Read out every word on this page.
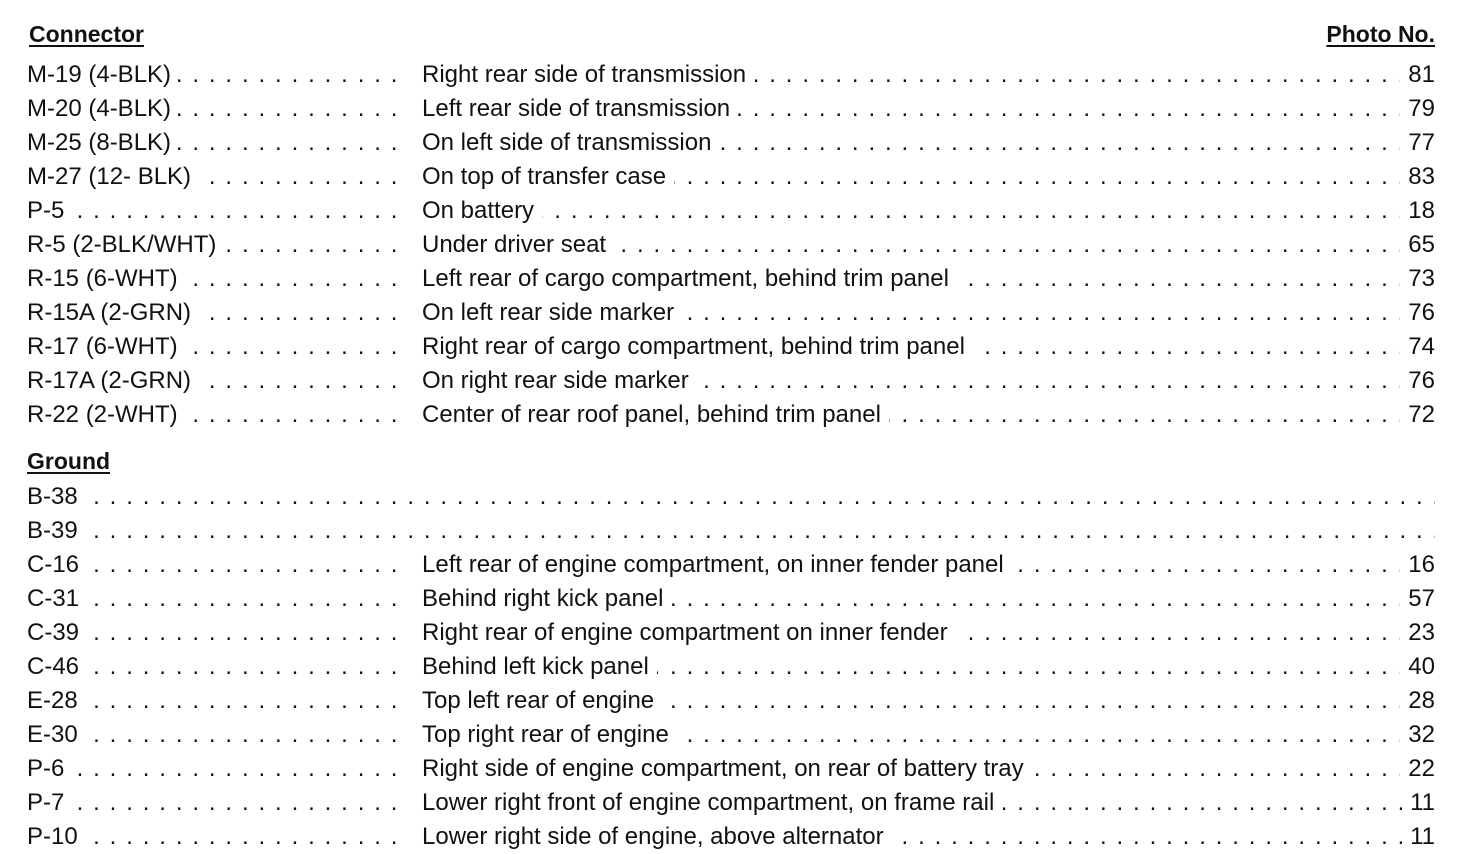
Connector	Photo No.
Ground
M-19 (4-BLK) . . .	Right rear side of transmission	81
. . .
M-20 (4-BLK) . . .	Left rear side of transmission	79
. . .
M-25 (8-BLK) . . .	On left side of transmission	77
. . .
M-27 (12- BLK) . . .	On top of transfer case	83
. . .
P-5 . . .	On battery	18
. . .
R-5 (2-BLK/WHT) . . .	Under driver seat	65
. . .
R-15 (6-WHT) . . .	Left rear of cargo compartment, behind trim panel	73
. . .
R-15A (2-GRN) . . .	On left rear side marker	76
. . .
R-17 (6-WHT) . . .	Right rear of cargo compartment, behind trim panel	74
. . .
R-17A (2-GRN) . . .	On right rear side marker	76
. . .
R-22 (2-WHT) . . .	Center of rear roof panel, behind trim panel	72
. . .
B-38 . . .
B-39 . . .
C-16 . . .	Left rear of engine compartment, on inner fender panel	16
. . .
C-31 . . .	Behind right kick panel	57
. . .
C-39 . . .	Right rear of engine compartment on inner fender	23
. . .
C-46 . . .	Behind left kick panel	40
. . .
E-28 . . .	Top left rear of engine	28
. . .
E-30 . . .	Top right rear of engine	32
. . .
P-6 . . .	Right side of engine compartment, on rear of battery tray	22
. . .
P-7 . . .	Lower right front of engine compartment, on frame rail	11
. . .
P-10 . . .	Lower right side of engine, above alternator	11
. . .
